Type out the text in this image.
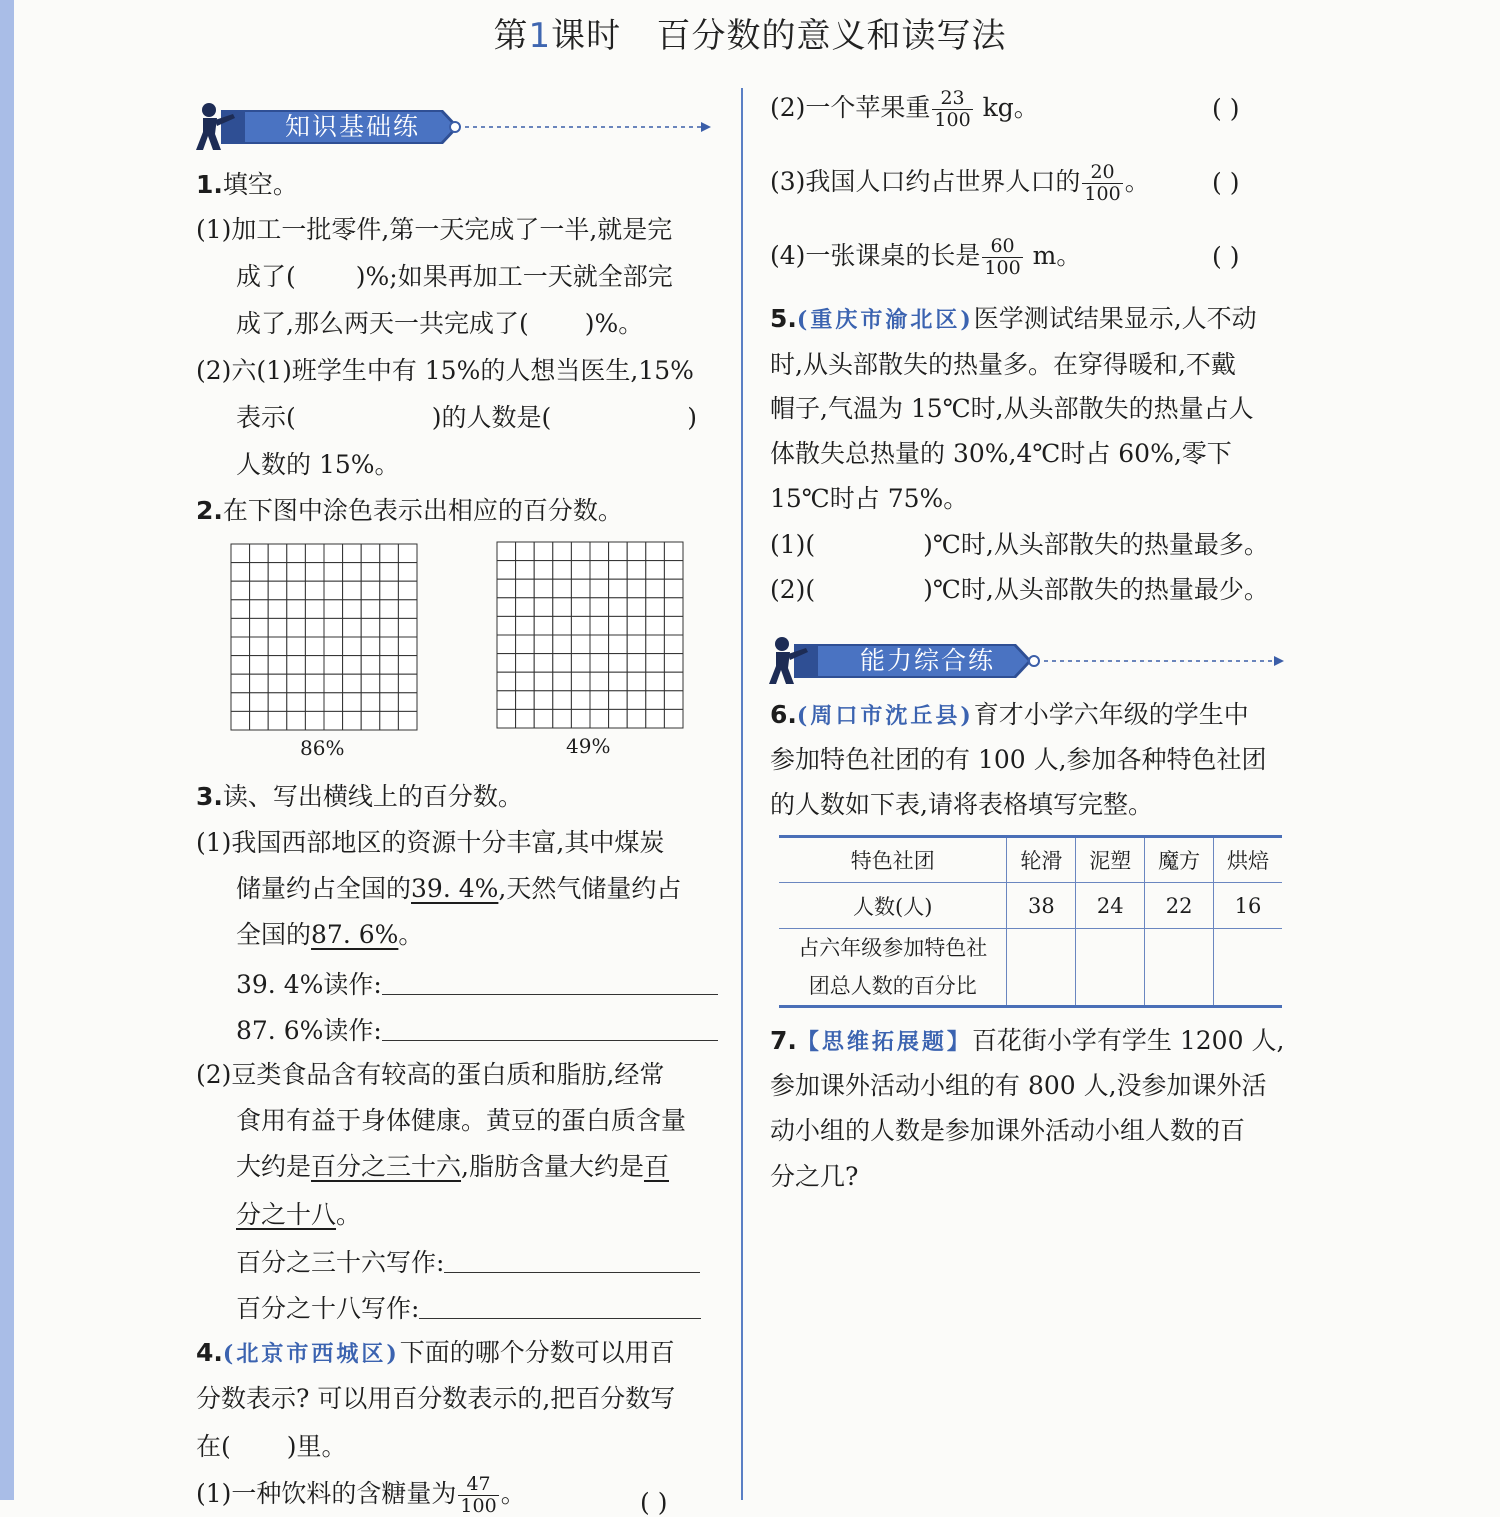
第1课时 百分数的意义和读写法
知识基础练
1.填空。
(1)加工一批零件,第一天完成了一半,就是完
成了( )%;如果再加工一天就全部完
成了,那么两天一共完成了( )%。
(2)六(1)班学生中有 15%的人想当医生,15%
表示(	)的人数是(	)
人数的 15%。
2.在下图中涂色表示出相应的百分数。
86%	49%
3.读、写出横线上的百分数。
(1)我国西部地区的资源十分丰富,其中煤炭
储量约占全国的39. 4%,天然气储量约占
全国的87. 6%。
39. 4%读作:
87. 6%读作:
(2)豆类食品含有较高的蛋白质和脂肪,经常
食用有益于身体健康。黄豆的蛋白质含量
大约是百分之三十六,脂肪含量大约是百
分之十八。
百分之三十六写作:
百分之十八写作:
4.(北京市西城区)下面的哪个分数可以用百
分数表示? 可以用百分数表示的,把百分数写
在( )里。
(1)一种饮料的含糖量为 $\frac{47}{100}$ 。	( )
(2)一个苹果重 $\frac{23}{100}$ kg。	( )
(3)我国人口约占世界人口的 $\frac{20}{100}$ 。 ( )
(4)一张课桌的长是 $\frac{60}{100}$ m。	( )
5.(重庆市渝北区)医学测试结果显示,人不动
时,从头部散失的热量多。在穿得暖和,不戴
帽子,气温为 15℃时,从头部散失的热量占人
体散失总热量的 30%,4℃时占 60%,零下
15℃时占 75%。
(1)(	)℃时,从头部散失的热量最多。
(2)(	)℃时,从头部散失的热量最少。
能力综合练
6.(周口市沈丘县)育才小学六年级的学生中
参加特色社团的有 100 人,参加各种特色社团
的人数如下表,请将表格填写完整。
特色社团	轮滑	泥塑	魔方	烘焙
人数(人)	38	24	22	16
占六年级参加特色社
团总人数的百分比				
7.【思维拓展题】百花街小学有学生 1200 人,
参加课外活动小组的有 800 人,没参加课外活
动小组的人数是参加课外活动小组人数的百
分之几?
